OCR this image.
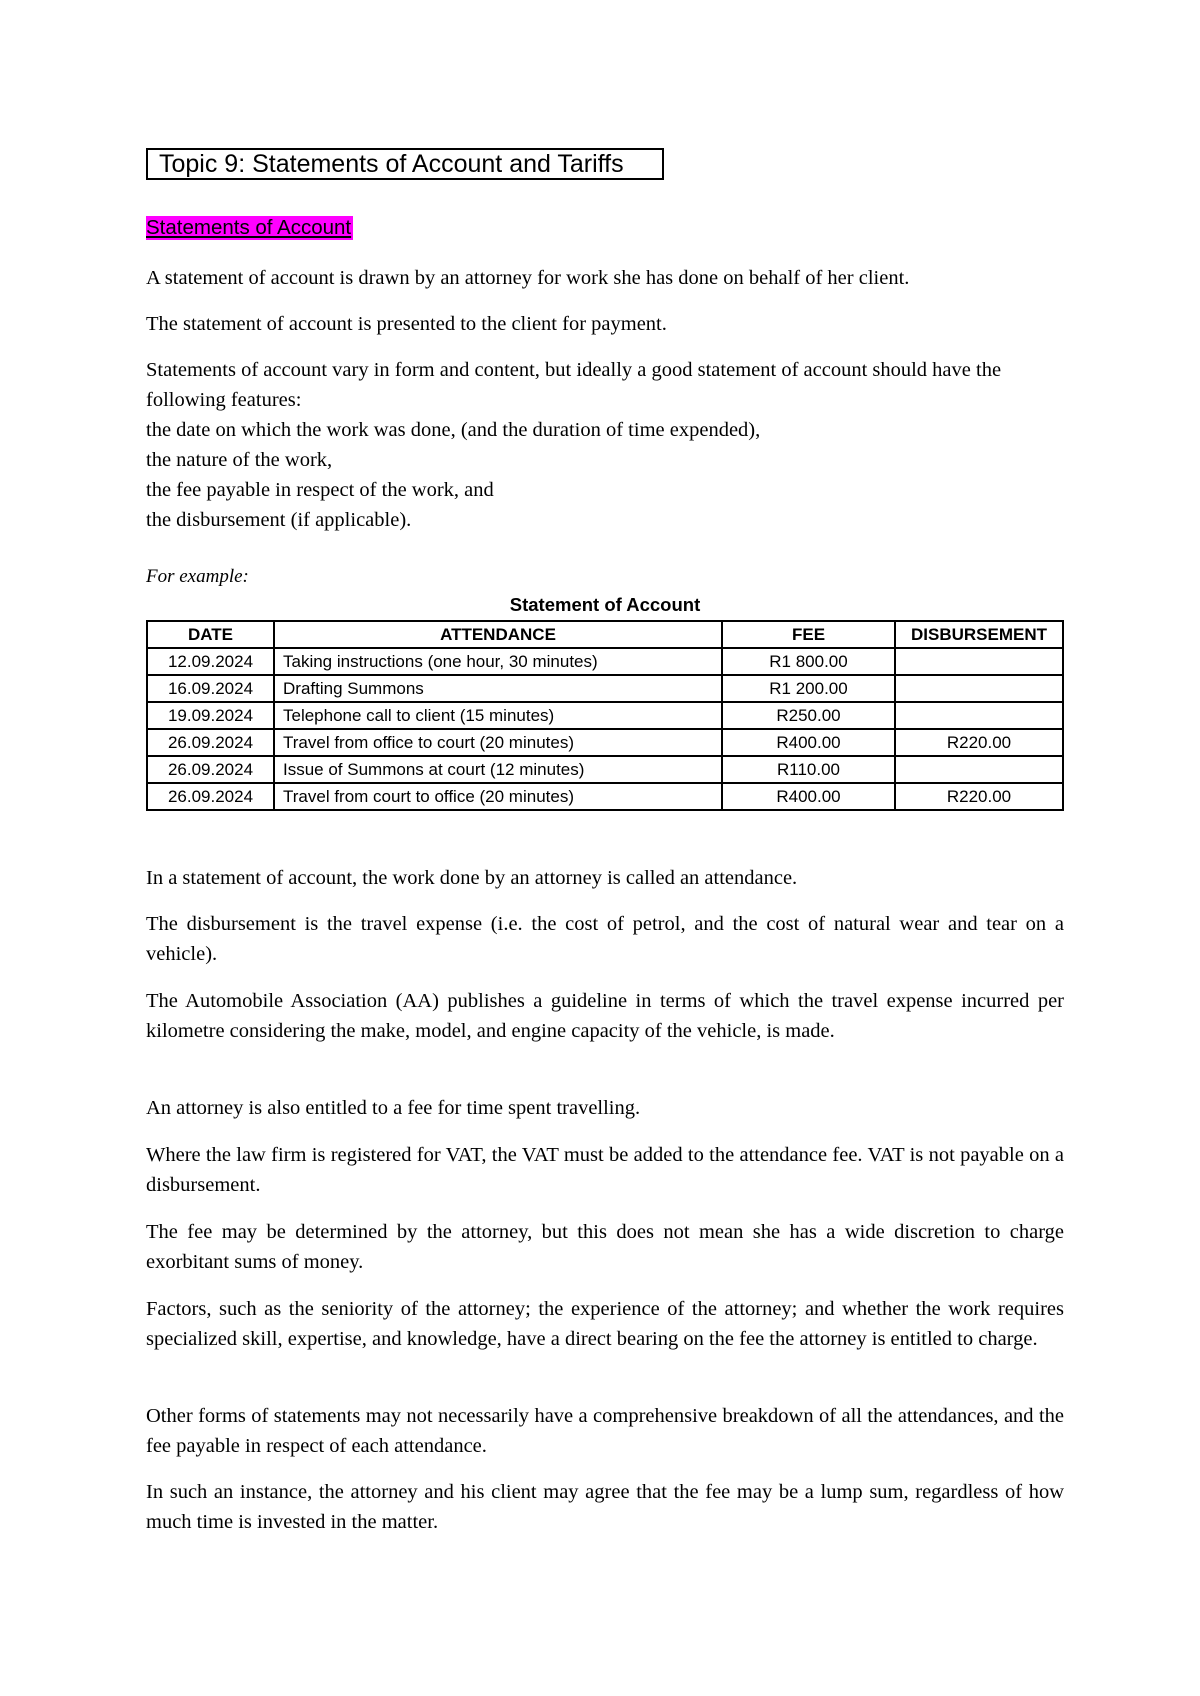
Topic 9: Statements of Account and Tariffs
Statements of Account

A statement of account is drawn by an attorney for work she has done on behalf of her client.

The statement of account is presented to the client for payment.

Statements of account vary in form and content, but ideally a good statement of account should have the following features:
the date on which the work was done, (and the duration of time expended),
the nature of the work,
the fee payable in respect of the work, and
the disbursement (if applicable).
For example:
Statement of Account
DATE	ATTENDANCE	FEE	DISBURSEMENT
12.09.2024	Taking instructions (one hour, 30 minutes)	R1 800.00	
16.09.2024	Drafting Summons	R1 200.00	
19.09.2024	Telephone call to client (15 minutes)	R250.00	
26.09.2024	Travel from office to court (20 minutes)	R400.00	R220.00
26.09.2024	Issue of Summons at court (12 minutes)	R110.00	
26.09.2024	Travel from court to office (20 minutes)	R400.00	R220.00

In a statement of account, the work done by an attorney is called an attendance.

The disbursement is the travel expense (i.e. the cost of petrol, and the cost of natural wear and tear on a vehicle).

The Automobile Association (AA) publishes a guideline in terms of which the travel expense incurred per kilometre considering the make, model, and engine capacity of the vehicle, is made.

An attorney is also entitled to a fee for time spent travelling.

Where the law firm is registered for VAT, the VAT must be added to the attendance fee. VAT is not payable on a disbursement.

The fee may be determined by the attorney, but this does not mean she has a wide discretion to charge exorbitant sums of money.

Factors, such as the seniority of the attorney; the experience of the attorney; and whether the work requires specialized skill, expertise, and knowledge, have a direct bearing on the fee the attorney is entitled to charge.

Other forms of statements may not necessarily have a comprehensive breakdown of all the attendances, and the fee payable in respect of each attendance.

In such an instance, the attorney and his client may agree that the fee may be a lump sum, regardless of how much time is invested in the matter.
